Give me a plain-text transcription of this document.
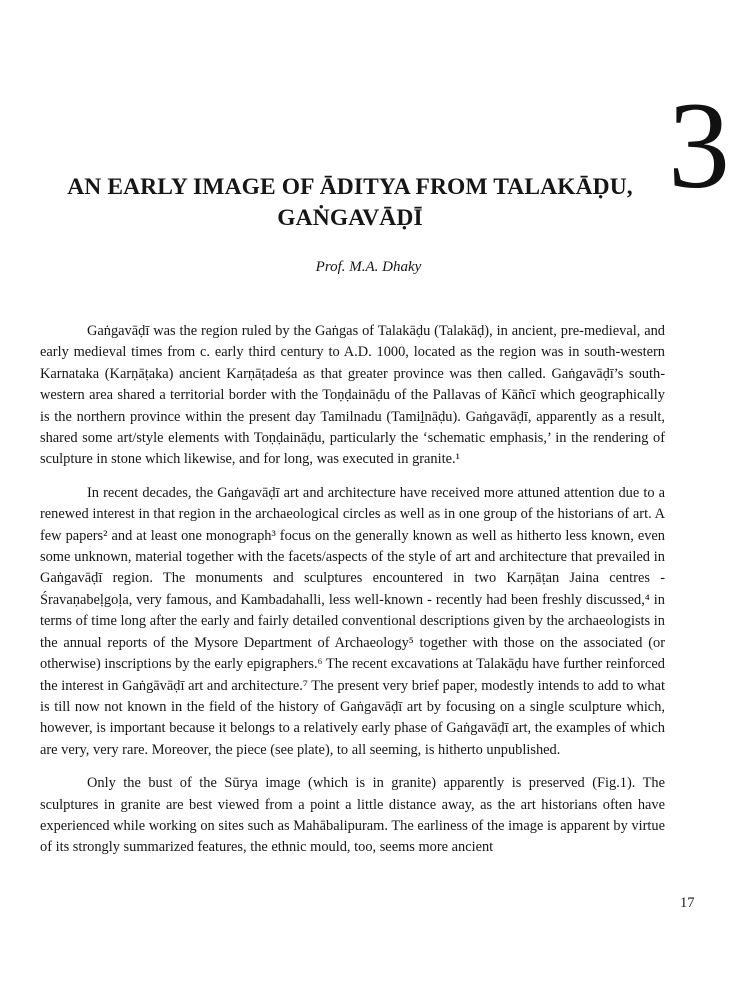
3
AN EARLY IMAGE OF ĀDITYA FROM TALAKĀḌU,
GAṄGAVĀḌĪ
Prof. M.A. Dhaky

Gaṅgavāḍī was the region ruled by the Gaṅgas of Talakāḍu (Talakāḍ), in ancient, pre-medieval, and early medieval times from c. early third century to A.D. 1000, located as the region was in south-western Karnataka (Karṇāṭaka) ancient Karṇāṭadeśa as that greater province was then called. Gaṅgavāḍī’s south-western area shared a territorial border with the Toṇḍaināḍu of the Pallavas of Kāñcī which geographically is the northern province within the present day Tamilnadu (Tamiḻnāḍu). Gaṅgavāḍī, apparently as a result, shared some art/style elements with Toṇḍaināḍu, particularly the ‘schematic emphasis,’ in the rendering of sculpture in stone which likewise, and for long, was executed in granite.¹

In recent decades, the Gaṅgavāḍī art and architecture have received more attuned attention due to a renewed interest in that region in the archaeological circles as well as in one group of the historians of art. A few papers² and at least one monograph³ focus on the generally known as well as hitherto less known, even some unknown, material together with the facets/aspects of the style of art and architecture that prevailed in Gaṅgavāḍī region. The monuments and sculptures encountered in two Karṇāṭan Jaina centres - Śravaṇabeḷgoḷa, very famous, and Kambadahalli, less well-known - recently had been freshly discussed,⁴ in terms of time long after the early and fairly detailed conventional descriptions given by the archaeologists in the annual reports of the Mysore Department of Archaeology⁵ together with those on the associated (or otherwise) inscriptions by the early epigraphers.⁶ The recent excavations at Talakāḍu have further reinforced the interest in Gaṅgāvāḍī art and architecture.⁷ The present very brief paper, modestly intends to add to what is till now not known in the field of the history of Gaṅgavāḍī art by focusing on a single sculpture which, however, is important because it belongs to a relatively early phase of Gaṅgavāḍī art, the examples of which are very, very rare. Moreover, the piece (see plate), to all seeming, is hitherto unpublished.

Only the bust of the Sūrya image (which is in granite) apparently is preserved (Fig.1). The sculptures in granite are best viewed from a point a little distance away, as the art historians often have experienced while working on sites such as Mahābalipuram. The earliness of the image is apparent by virtue of its strongly summarized features, the ethnic mould, too, seems more ancient

17
